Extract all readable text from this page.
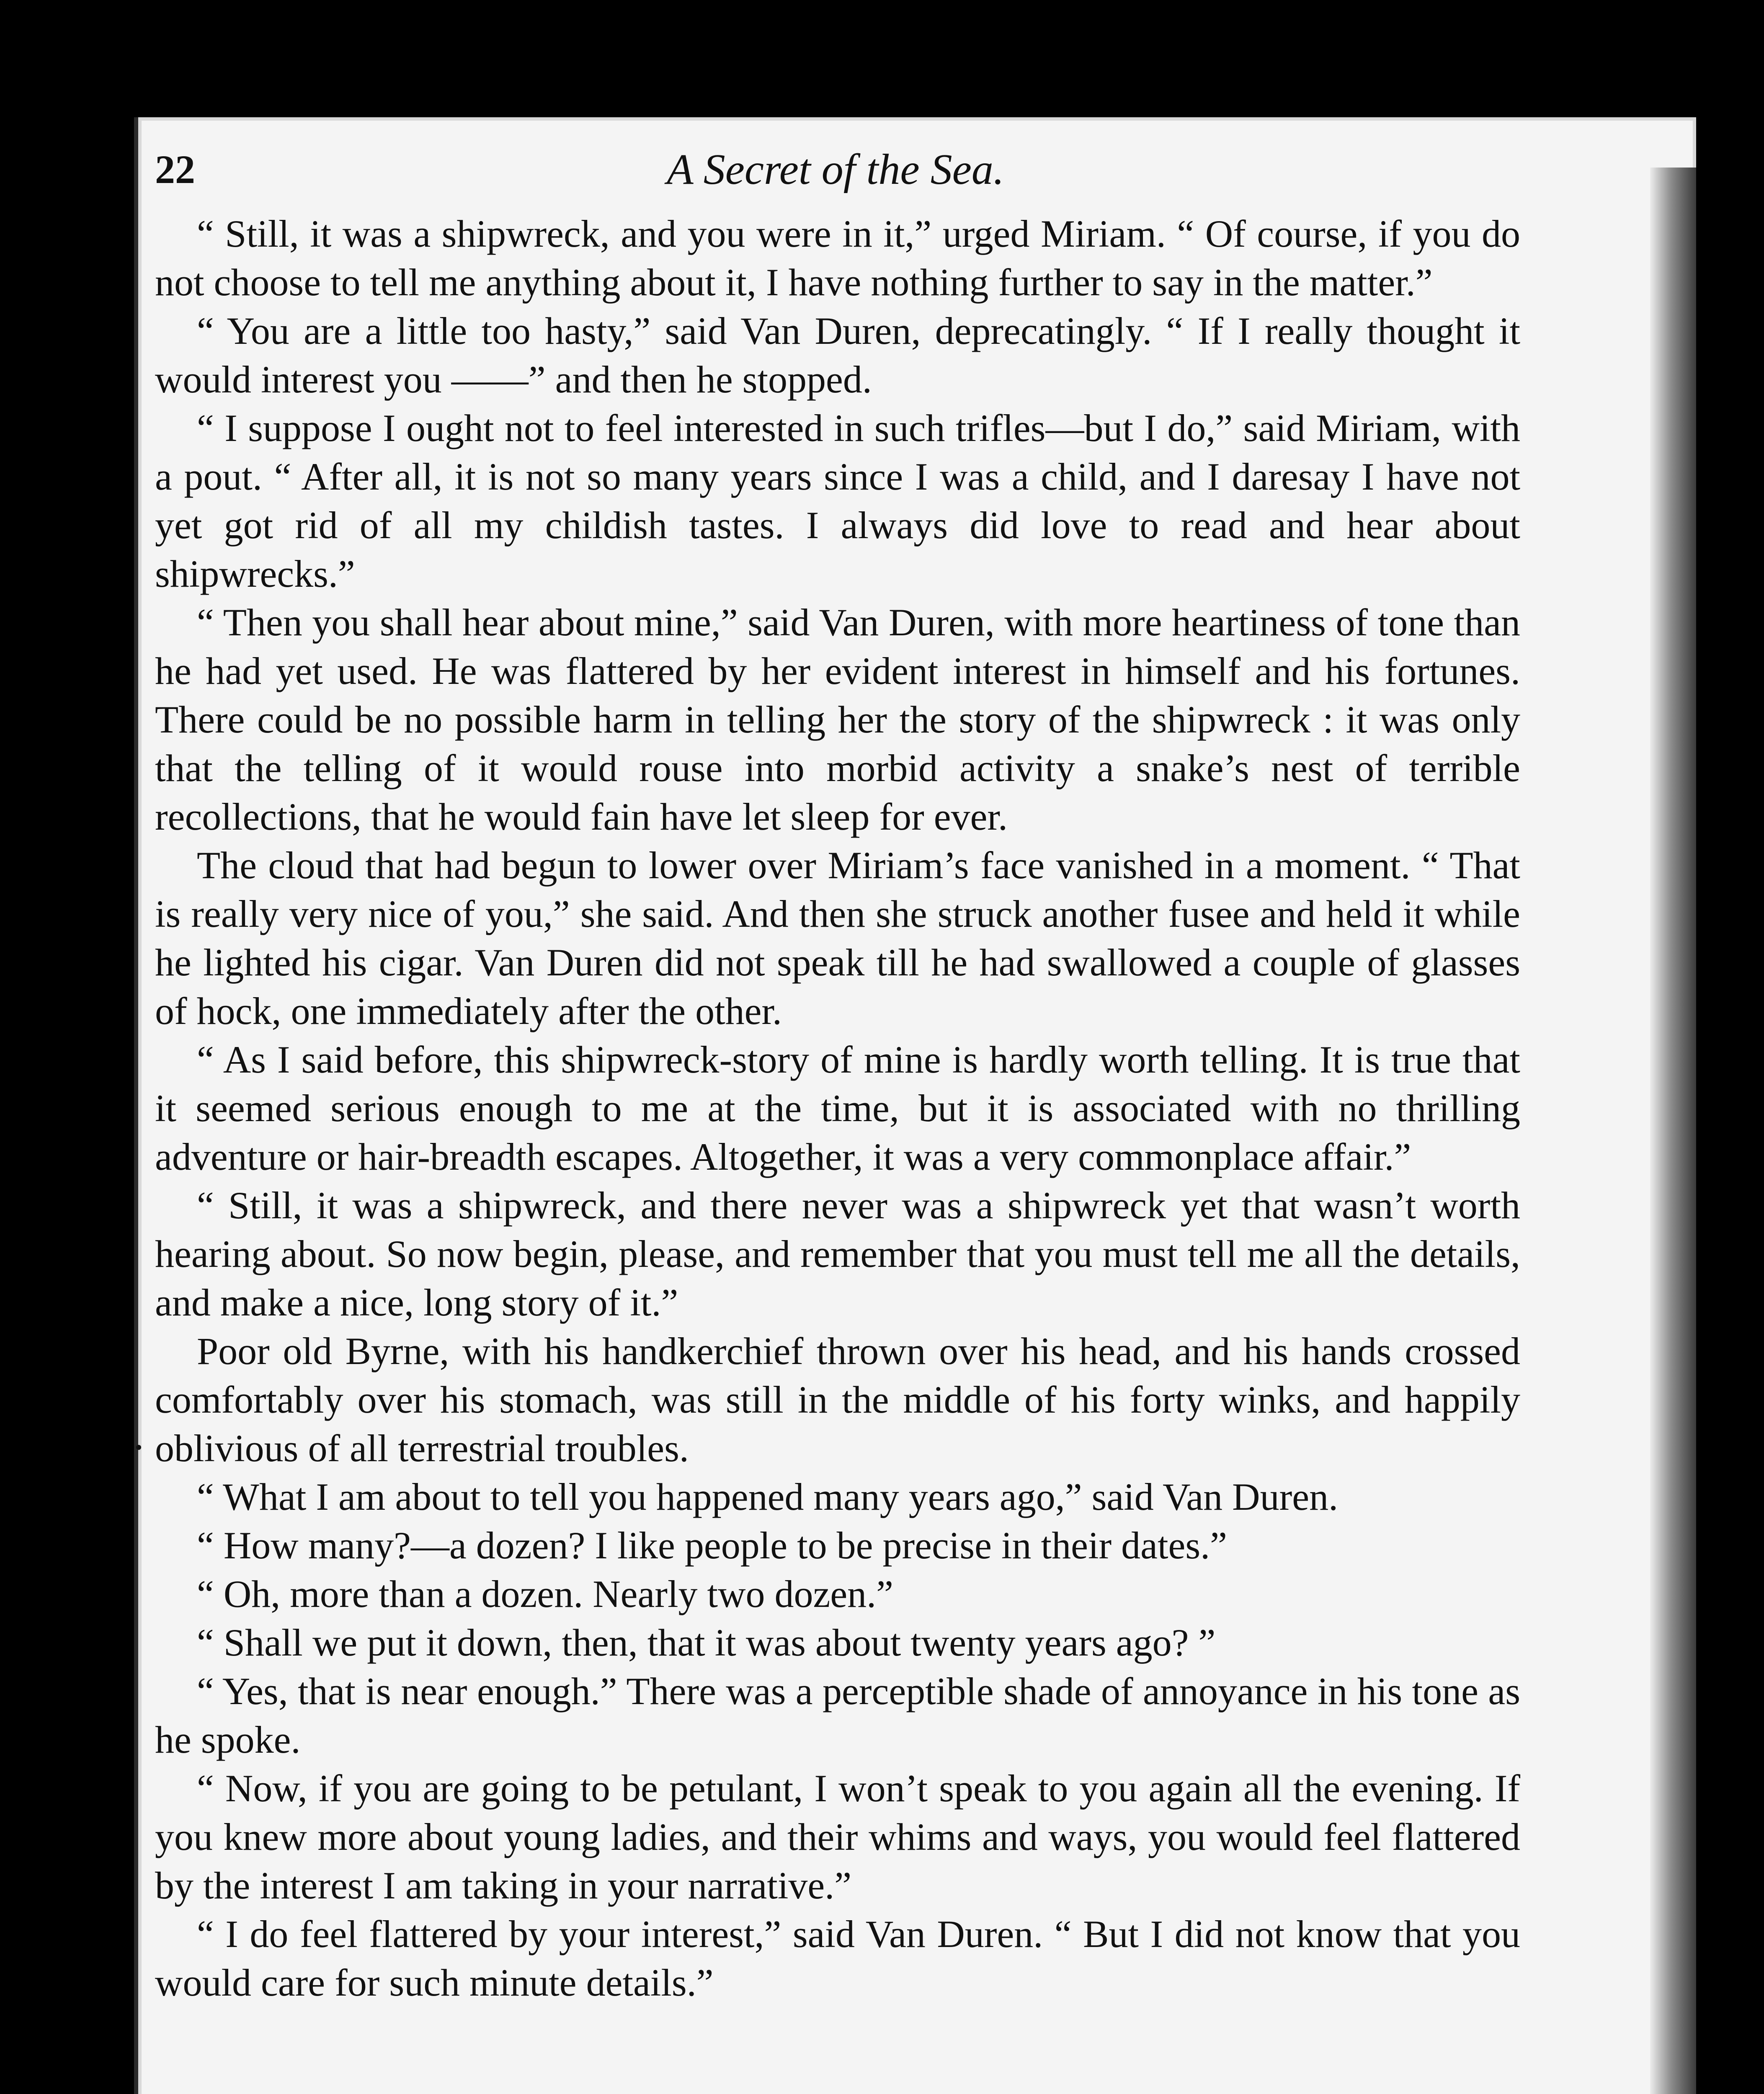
22	A Secret of the Sea.

“ Still, it was a shipwreck, and you were in it,” urged Miriam. “ Of course, if you do not choose to tell me anything about it, I have nothing further to say in the matter.”

“ You are a little too hasty,” said Van Duren, deprecatingly. “ If I really thought it would interest you ——” and then he stopped.

“ I suppose I ought not to feel interested in such trifles—but I do,” said Miriam, with a pout. “ After all, it is not so many years since I was a child, and I daresay I have not yet got rid of all my childish tastes. I always did love to read and hear about shipwrecks.”

“ Then you shall hear about mine,” said Van Duren, with more heartiness of tone than he had yet used. He was flattered by her evident interest in himself and his fortunes. There could be no possible harm in telling her the story of the shipwreck : it was only that the telling of it would rouse into morbid activity a snake’s nest of terrible recollections, that he would fain have let sleep for ever.

The cloud that had begun to lower over Miriam’s face vanished in a moment. “ That is really very nice of you,” she said. And then she struck another fusee and held it while he lighted his cigar. Van Duren did not speak till he had swallowed a couple of glasses of hock, one immediately after the other.

“ As I said before, this shipwreck-story of mine is hardly worth telling. It is true that it seemed serious enough to me at the time, but it is associated with no thrilling adventure or hair-breadth escapes. Altogether, it was a very commonplace affair.”

“ Still, it was a shipwreck, and there never was a shipwreck yet that wasn’t worth hearing about. So now begin, please, and remember that you must tell me all the details, and make a nice, long story of it.”

Poor old Byrne, with his handkerchief thrown over his head, and his hands crossed comfortably over his stomach, was still in the middle of his forty winks, and happily oblivious of all terrestrial troubles.

“ What I am about to tell you happened many years ago,” said Van Duren.

“ How many?—a dozen? I like people to be precise in their dates.”

“ Oh, more than a dozen. Nearly two dozen.”

“ Shall we put it down, then, that it was about twenty years ago? ”

“ Yes, that is near enough.” There was a perceptible shade of annoyance in his tone as he spoke.

“ Now, if you are going to be petulant, I won’t speak to you again all the evening. If you knew more about young ladies, and their whims and ways, you would feel flattered by the interest I am taking in your narrative.”

“ I do feel flattered by your interest,” said Van Duren. “ But I did not know that you would care for such minute details.”
